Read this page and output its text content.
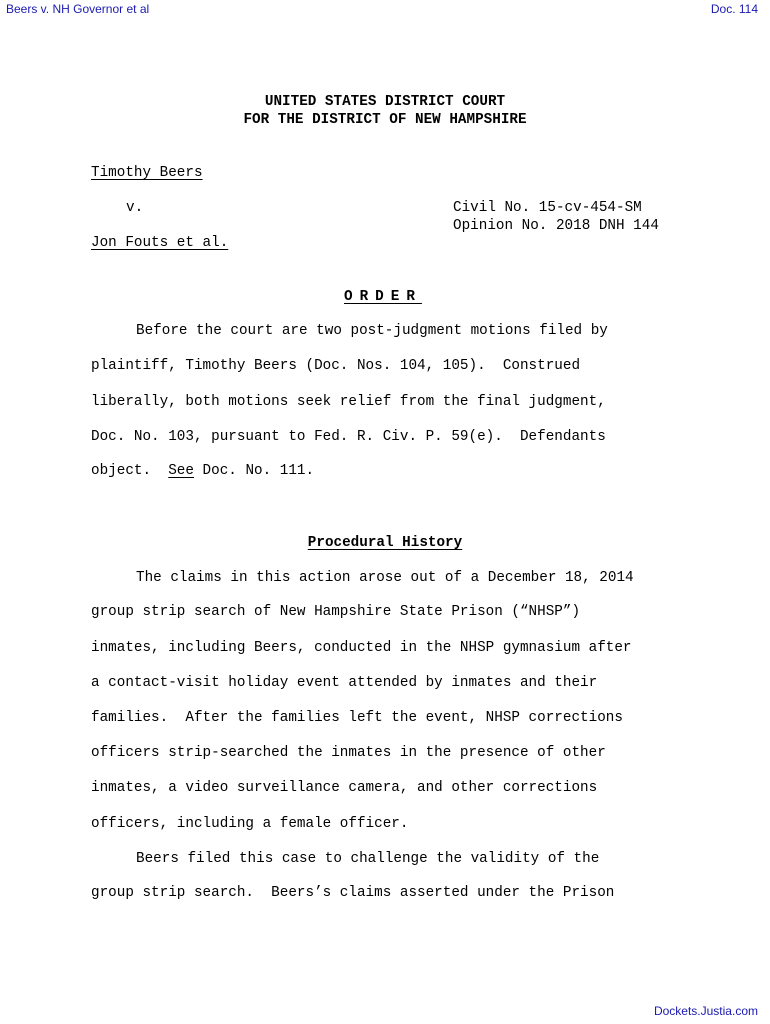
Beers v. NH Governor et al	Doc. 114
UNITED STATES DISTRICT COURT
FOR THE DISTRICT OF NEW HAMPSHIRE
Timothy Beers
v.	Civil No. 15-cv-454-SM
Opinion No. 2018 DNH 144
Jon Fouts et al.
ORDER
Before the court are two post-judgment motions filed by
plaintiff, Timothy Beers (Doc. Nos. 104, 105).  Construed
liberally, both motions seek relief from the final judgment,
Doc. No. 103, pursuant to Fed. R. Civ. P. 59(e).  Defendants
object.  See Doc. No. 111.
Procedural History
The claims in this action arose out of a December 18, 2014
group strip search of New Hampshire State Prison (“NHSP”)
inmates, including Beers, conducted in the NHSP gymnasium after
a contact-visit holiday event attended by inmates and their
families.  After the families left the event, NHSP corrections
officers strip-searched the inmates in the presence of other
inmates, a video surveillance camera, and other corrections
officers, including a female officer.
Beers filed this case to challenge the validity of the
group strip search.  Beers’s claims asserted under the Prison
Dockets.Justia.com
